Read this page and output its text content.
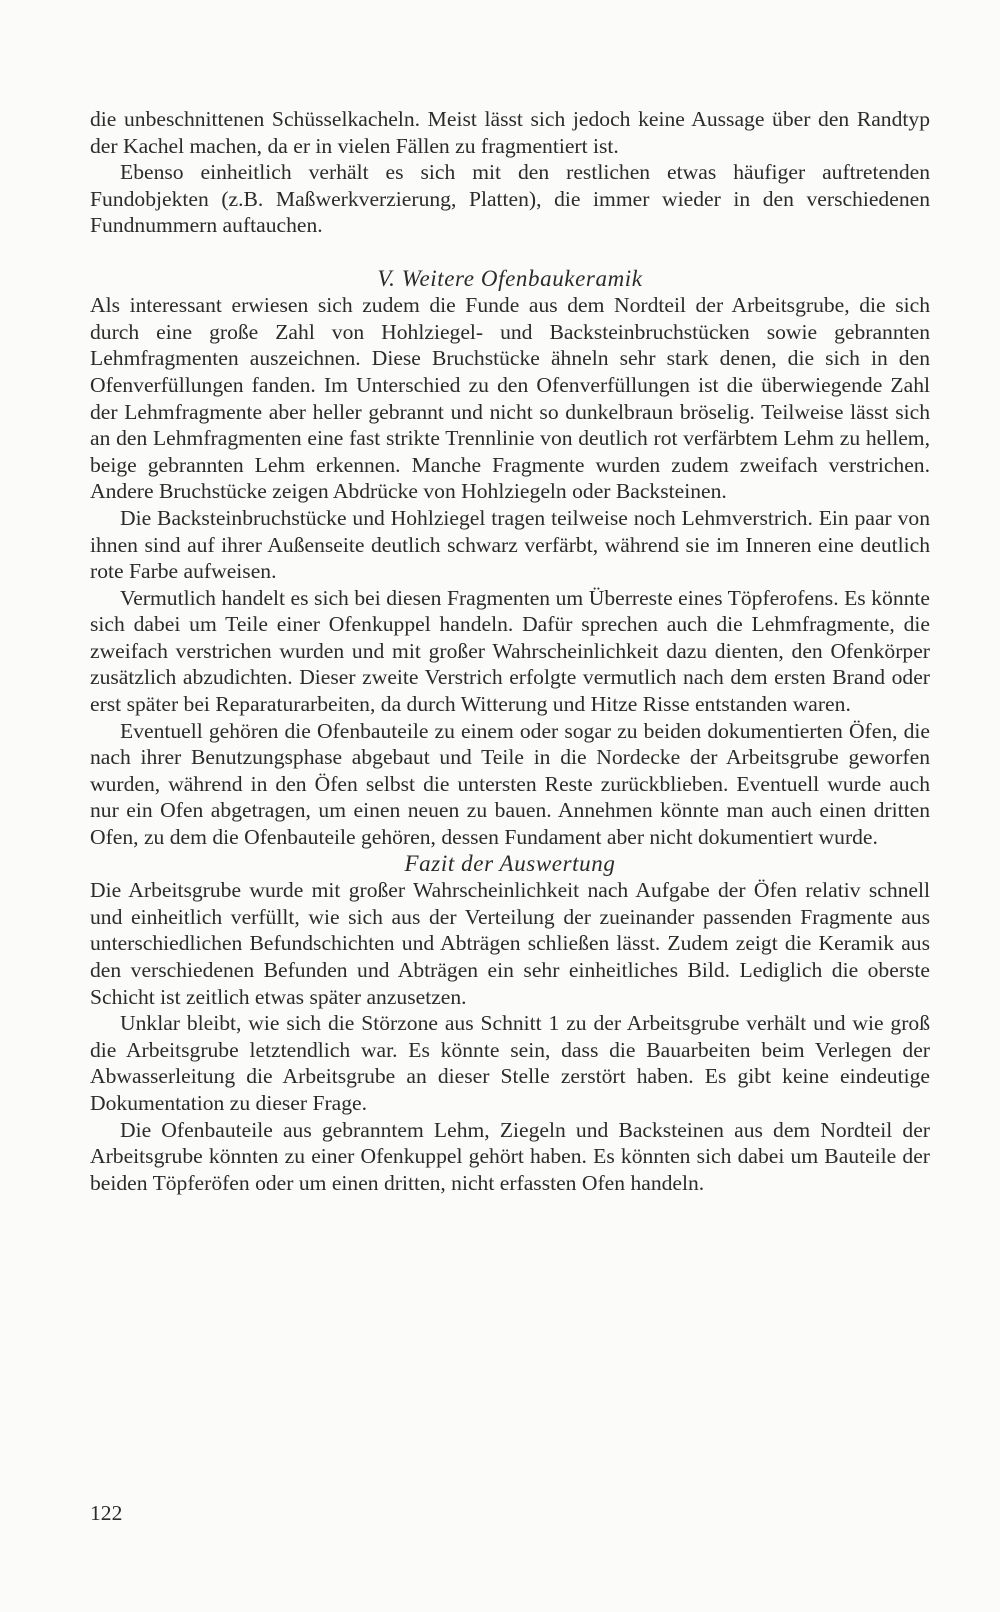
die unbeschnittenen Schüsselkacheln. Meist lässt sich jedoch keine Aussage über den Randtyp der Kachel machen, da er in vielen Fällen zu fragmentiert ist.

Ebenso einheitlich verhält es sich mit den restlichen etwas häufiger auftretenden Fundobjekten (z.B. Maßwerkverzierung, Platten), die immer wieder in den verschiedenen Fundnummern auftauchen.

V. Weitere Ofenbaukeramik

Als interessant erwiesen sich zudem die Funde aus dem Nordteil der Arbeitsgrube, die sich durch eine große Zahl von Hohlziegel- und Backsteinbruchstücken sowie gebrannten Lehmfragmenten auszeichnen. Diese Bruchstücke ähneln sehr stark denen, die sich in den Ofenverfüllungen fanden. Im Unterschied zu den Ofenverfüllungen ist die überwiegende Zahl der Lehmfragmente aber heller gebrannt und nicht so dunkelbraun bröselig. Teilweise lässt sich an den Lehmfragmenten eine fast strikte Trennlinie von deutlich rot verfärbtem Lehm zu hellem, beige gebrannten Lehm erkennen. Manche Fragmente wurden zudem zweifach verstrichen. Andere Bruchstücke zeigen Abdrücke von Hohlziegeln oder Backsteinen.

Die Backsteinbruchstücke und Hohlziegel tragen teilweise noch Lehmverstrich. Ein paar von ihnen sind auf ihrer Außenseite deutlich schwarz verfärbt, während sie im Inneren eine deutlich rote Farbe aufweisen.

Vermutlich handelt es sich bei diesen Fragmenten um Überreste eines Töpferofens. Es könnte sich dabei um Teile einer Ofenkuppel handeln. Dafür sprechen auch die Lehmfragmente, die zweifach verstrichen wurden und mit großer Wahrscheinlichkeit dazu dienten, den Ofenkörper zusätzlich abzudichten. Dieser zweite Verstrich erfolgte vermutlich nach dem ersten Brand oder erst später bei Reparaturarbeiten, da durch Witterung und Hitze Risse entstanden waren.

Eventuell gehören die Ofenbauteile zu einem oder sogar zu beiden dokumentierten Öfen, die nach ihrer Benutzungsphase abgebaut und Teile in die Nordecke der Arbeitsgrube geworfen wurden, während in den Öfen selbst die untersten Reste zurückblieben. Eventuell wurde auch nur ein Ofen abgetragen, um einen neuen zu bauen. Annehmen könnte man auch einen dritten Ofen, zu dem die Ofenbauteile gehören, dessen Fundament aber nicht dokumentiert wurde.

Fazit der Auswertung

Die Arbeitsgrube wurde mit großer Wahrscheinlichkeit nach Aufgabe der Öfen relativ schnell und einheitlich verfüllt, wie sich aus der Verteilung der zueinander passenden Fragmente aus unterschiedlichen Befundschichten und Abträgen schließen lässt. Zudem zeigt die Keramik aus den verschiedenen Befunden und Abträgen ein sehr einheitliches Bild. Lediglich die oberste Schicht ist zeitlich etwas später anzusetzen.

Unklar bleibt, wie sich die Störzone aus Schnitt 1 zu der Arbeitsgrube verhält und wie groß die Arbeitsgrube letztendlich war. Es könnte sein, dass die Bauarbeiten beim Verlegen der Abwasserleitung die Arbeitsgrube an dieser Stelle zerstört haben. Es gibt keine eindeutige Dokumentation zu dieser Frage.

Die Ofenbauteile aus gebranntem Lehm, Ziegeln und Backsteinen aus dem Nordteil der Arbeitsgrube könnten zu einer Ofenkuppel gehört haben. Es könnten sich dabei um Bauteile der beiden Töpferöfen oder um einen dritten, nicht erfassten Ofen handeln.

122
